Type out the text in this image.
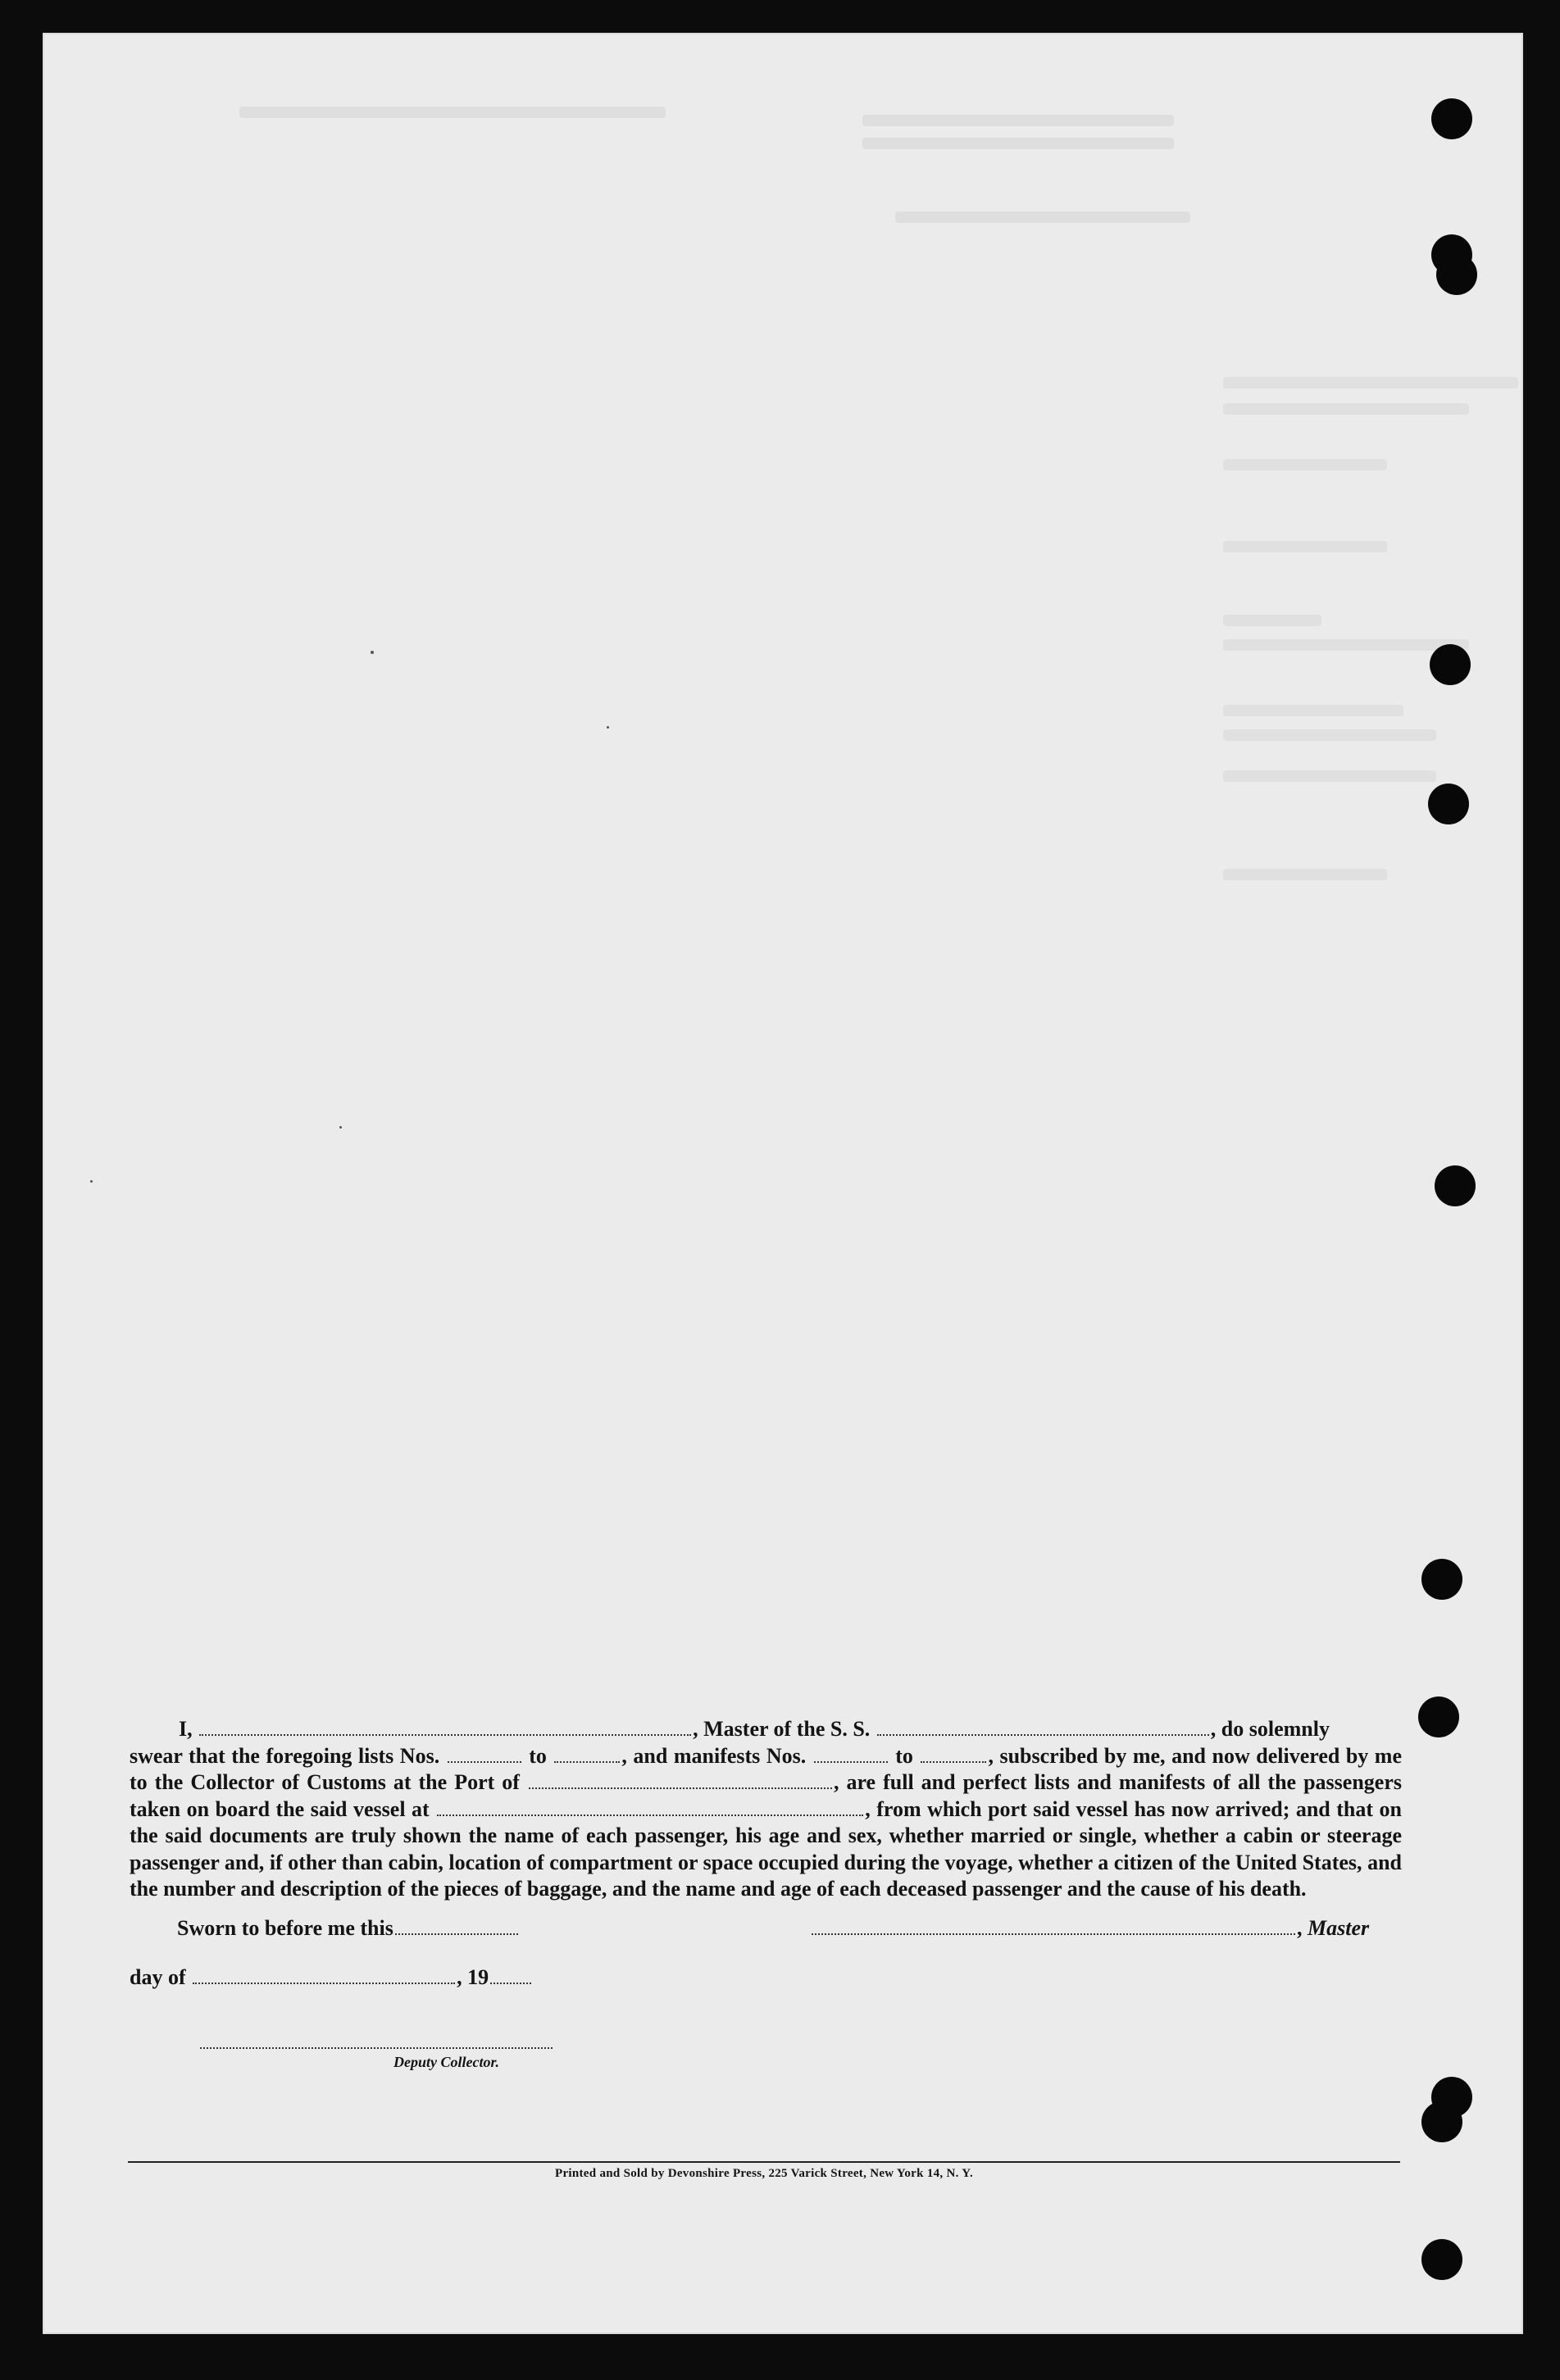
I,	, Master of the S. S.	, do solemnly

swear that the foregoing lists Nos.	to	, and manifests Nos.	to	, subscribed by me, and now delivered by me to the Collector of Customs at the Port of	, are full and perfect lists and manifests of all the passengers taken on board the said vessel at	, from which port said vessel has now arrived; and that on the said documents are truly shown the name of each passenger, his age and sex, whether married or single, whether a cabin or steerage passenger and, if other than cabin, location of compartment or space occupied during the voyage, whether a citizen of the United States, and the number and description of the pieces of baggage, and the name and age of each deceased passenger and the cause of his death.
Sworn to before me this	, Master
day of	, 19
Deputy Collector.
Printed and Sold by Devonshire Press, 225 Varick Street, New York 14, N. Y.
